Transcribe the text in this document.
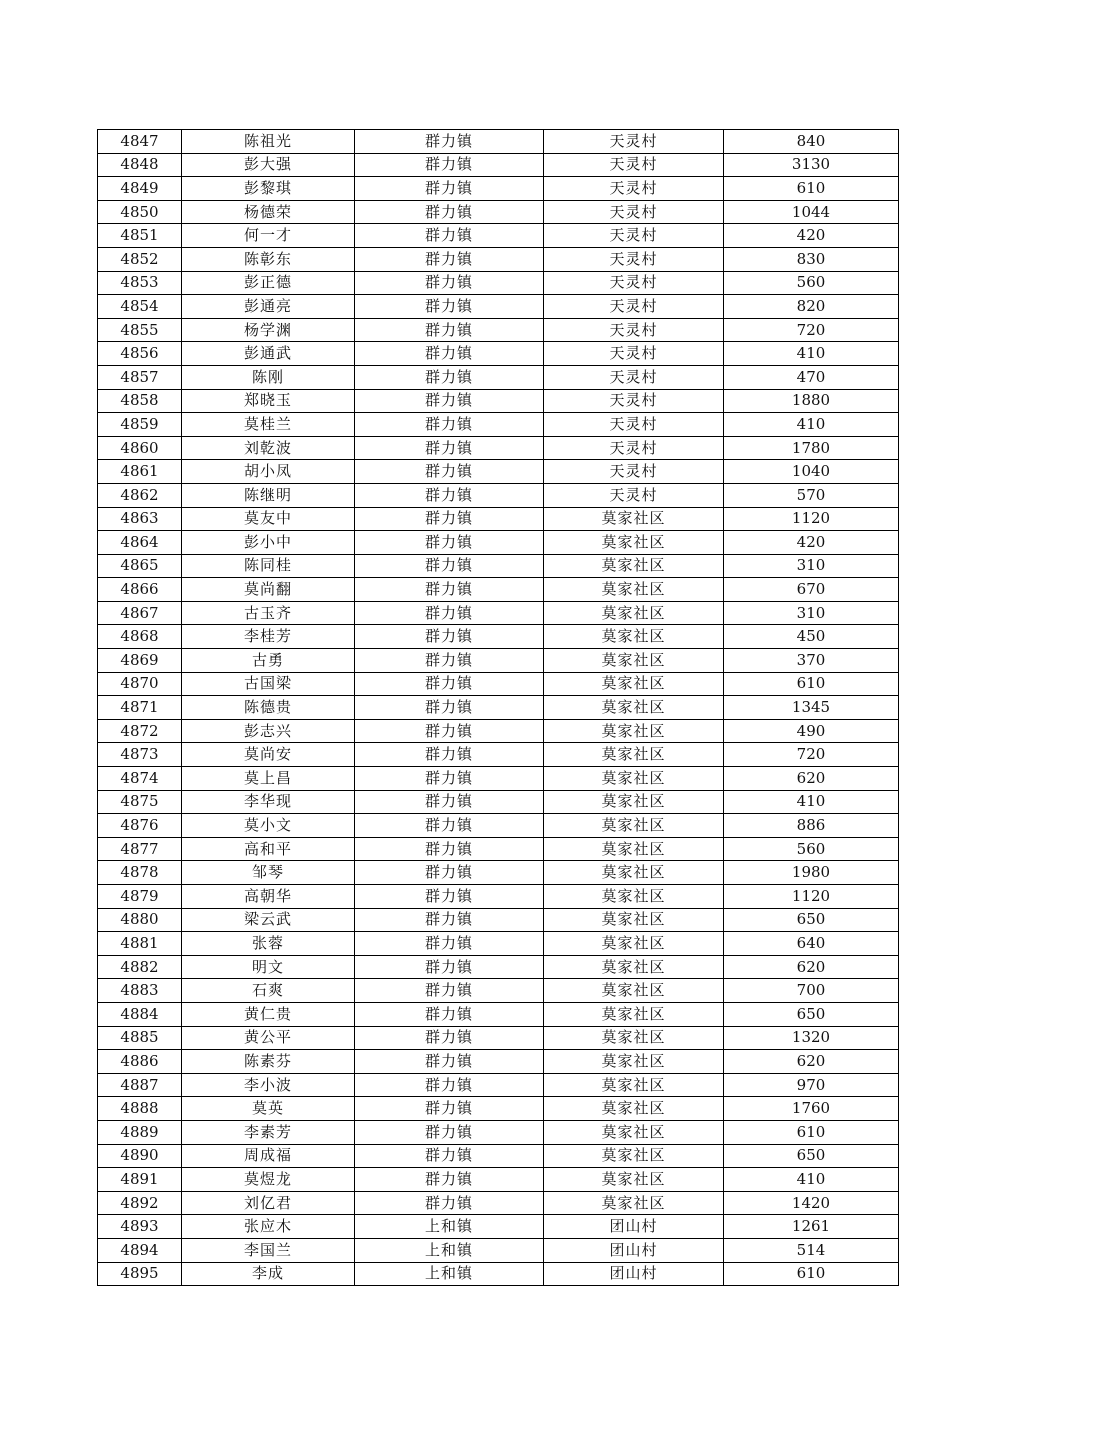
4847	陈祖光	群力镇	天灵村	840
4848	彭大强	群力镇	天灵村	3130
4849	彭黎琪	群力镇	天灵村	610
4850	杨德荣	群力镇	天灵村	1044
4851	何一才	群力镇	天灵村	420
4852	陈彰东	群力镇	天灵村	830
4853	彭正德	群力镇	天灵村	560
4854	彭通亮	群力镇	天灵村	820
4855	杨学渊	群力镇	天灵村	720
4856	彭通武	群力镇	天灵村	410
4857	陈刚	群力镇	天灵村	470
4858	郑晓玉	群力镇	天灵村	1880
4859	莫桂兰	群力镇	天灵村	410
4860	刘乾波	群力镇	天灵村	1780
4861	胡小凤	群力镇	天灵村	1040
4862	陈继明	群力镇	天灵村	570
4863	莫友中	群力镇	莫家社区	1120
4864	彭小中	群力镇	莫家社区	420
4865	陈同桂	群力镇	莫家社区	310
4866	莫尚翻	群力镇	莫家社区	670
4867	古玉齐	群力镇	莫家社区	310
4868	李桂芳	群力镇	莫家社区	450
4869	古勇	群力镇	莫家社区	370
4870	古国梁	群力镇	莫家社区	610
4871	陈德贵	群力镇	莫家社区	1345
4872	彭志兴	群力镇	莫家社区	490
4873	莫尚安	群力镇	莫家社区	720
4874	莫上昌	群力镇	莫家社区	620
4875	李华现	群力镇	莫家社区	410
4876	莫小文	群力镇	莫家社区	886
4877	高和平	群力镇	莫家社区	560
4878	邹琴	群力镇	莫家社区	1980
4879	高朝华	群力镇	莫家社区	1120
4880	梁云武	群力镇	莫家社区	650
4881	张蓉	群力镇	莫家社区	640
4882	明文	群力镇	莫家社区	620
4883	石爽	群力镇	莫家社区	700
4884	黄仁贵	群力镇	莫家社区	650
4885	黄公平	群力镇	莫家社区	1320
4886	陈素芬	群力镇	莫家社区	620
4887	李小波	群力镇	莫家社区	970
4888	莫英	群力镇	莫家社区	1760
4889	李素芳	群力镇	莫家社区	610
4890	周成福	群力镇	莫家社区	650
4891	莫煜龙	群力镇	莫家社区	410
4892	刘亿君	群力镇	莫家社区	1420
4893	张应木	上和镇	团山村	1261
4894	李国兰	上和镇	团山村	514
4895	李成	上和镇	团山村	610
